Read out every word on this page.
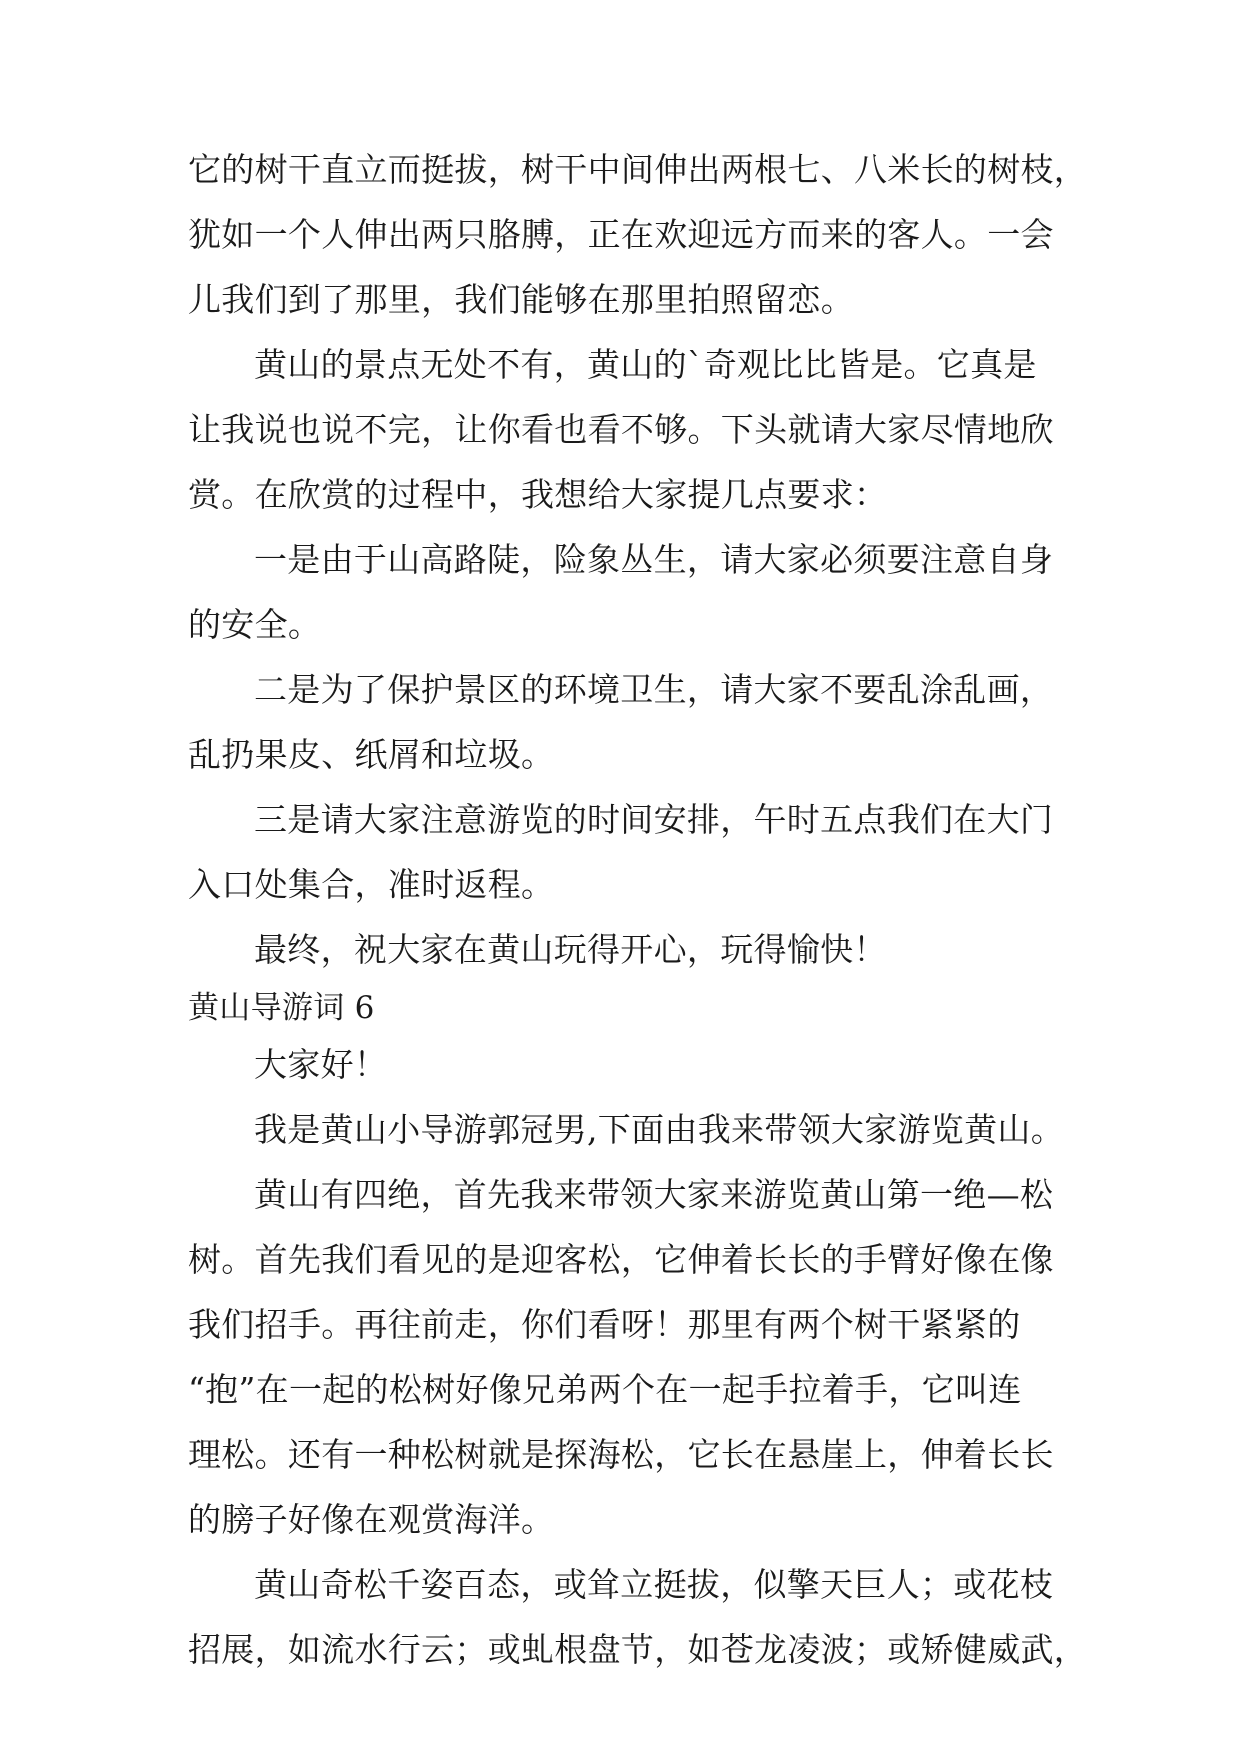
它的树干直立而挺拔，树干中间伸出两根七、八米长的树枝，
犹如一个人伸出两只胳膊，正在欢迎远方而来的客人。一会
儿我们到了那里，我们能够在那里拍照留恋。
黄山的景点无处不有，黄山的`奇观比比皆是。它真是
让我说也说不完，让你看也看不够。下头就请大家尽情地欣
赏。在欣赏的过程中，我想给大家提几点要求：
一是由于山高路陡，险象丛生，请大家必须要注意自身
的安全。
二是为了保护景区的环境卫生，请大家不要乱涂乱画，
乱扔果皮、纸屑和垃圾。
三是请大家注意游览的时间安排，午时五点我们在大门
入口处集合，准时返程。
最终，祝大家在黄山玩得开心，玩得愉快！
黄山导游词 6
大家好！
我是黄山小导游郭冠男,下面由我来带领大家游览黄山。
黄山有四绝，首先我来带领大家来游览黄山第一绝—松
树。首先我们看见的是迎客松，它伸着长长的手臂好像在像
我们招手。再往前走，你们看呀！那里有两个树干紧紧的
“抱”在一起的松树好像兄弟两个在一起手拉着手，它叫连
理松。还有一种松树就是探海松，它长在悬崖上，伸着长长
的膀子好像在观赏海洋。
黄山奇松千姿百态，或耸立挺拔，似擎天巨人；或花枝
招展，如流水行云；或虬根盘节，如苍龙凌波；或矫健威武，
